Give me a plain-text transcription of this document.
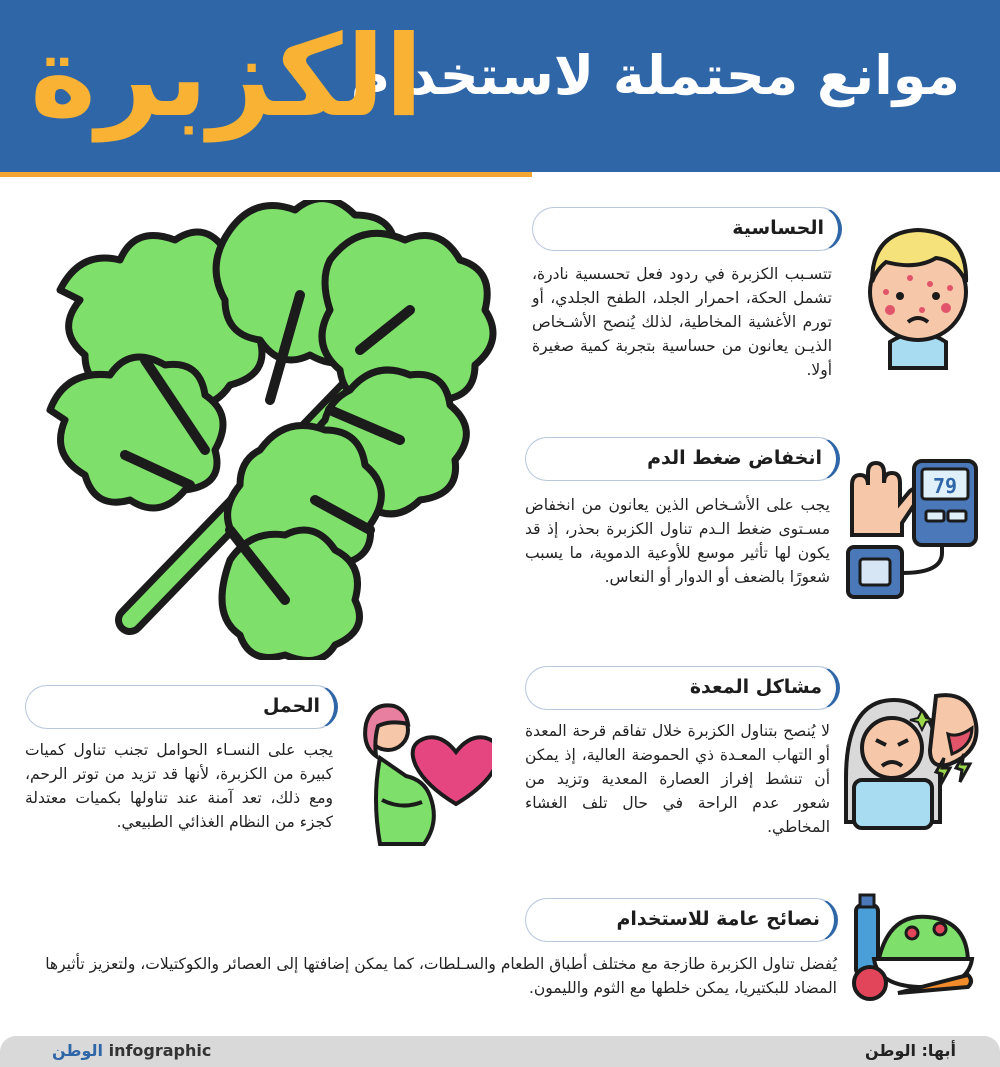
موانع محتملة لاستخدام
الكزبرة
الحساسية
تتسـبب الكزبرة في ردود فعل تحسسية نادرة، تشمل الحكة، احمرار الجلد، الطفح الجلدي، أو تورم الأغشية المخاطية، لذلك يُنصح الأشـخاص الذيـن يعانون من حساسية بتجربة كمية صغيرة أولا.
انخفاض ضغط الدم
يجب على الأشـخاص الذين يعانون من انخفاض مسـتوى ضغط الـدم تناول الكزبرة بحذر، إذ قد يكون لها تأثير موسع للأوعية الدموية، ما يسبب شعورًا بالضعف أو الدوار أو النعاس.
79
مشاكل المعدة
لا يُنصح بتناول الكزبرة خلال تفاقم قرحة المعدة أو التهاب المعـدة ذي الحموضة العالية، إذ يمكن أن تنشط إفراز العصارة المعدية وتزيد من شعور عدم الراحة في حال تلف الغشاء المخاطي.
الحمل
يجب على النسـاء الحوامل تجنب تناول كميات كبيرة من الكزبرة، لأنها قد تزيد من توتر الرحم، ومع ذلك، تعد آمنة عند تناولها بكميات معتدلة كجزء من النظام الغذائي الطبيعي.
نصائح عامة للاستخدام
يُفضل تناول الكزبرة طازجة مع مختلف أطباق الطعام والسـلطات، كما يمكن إضافتها إلى العصائر والكوكتيلات، ولتعزيز تأثيرها المضاد للبكتيريا، يمكن خلطها مع الثوم والليمون.
الوطن infographic	أبها: الوطن
